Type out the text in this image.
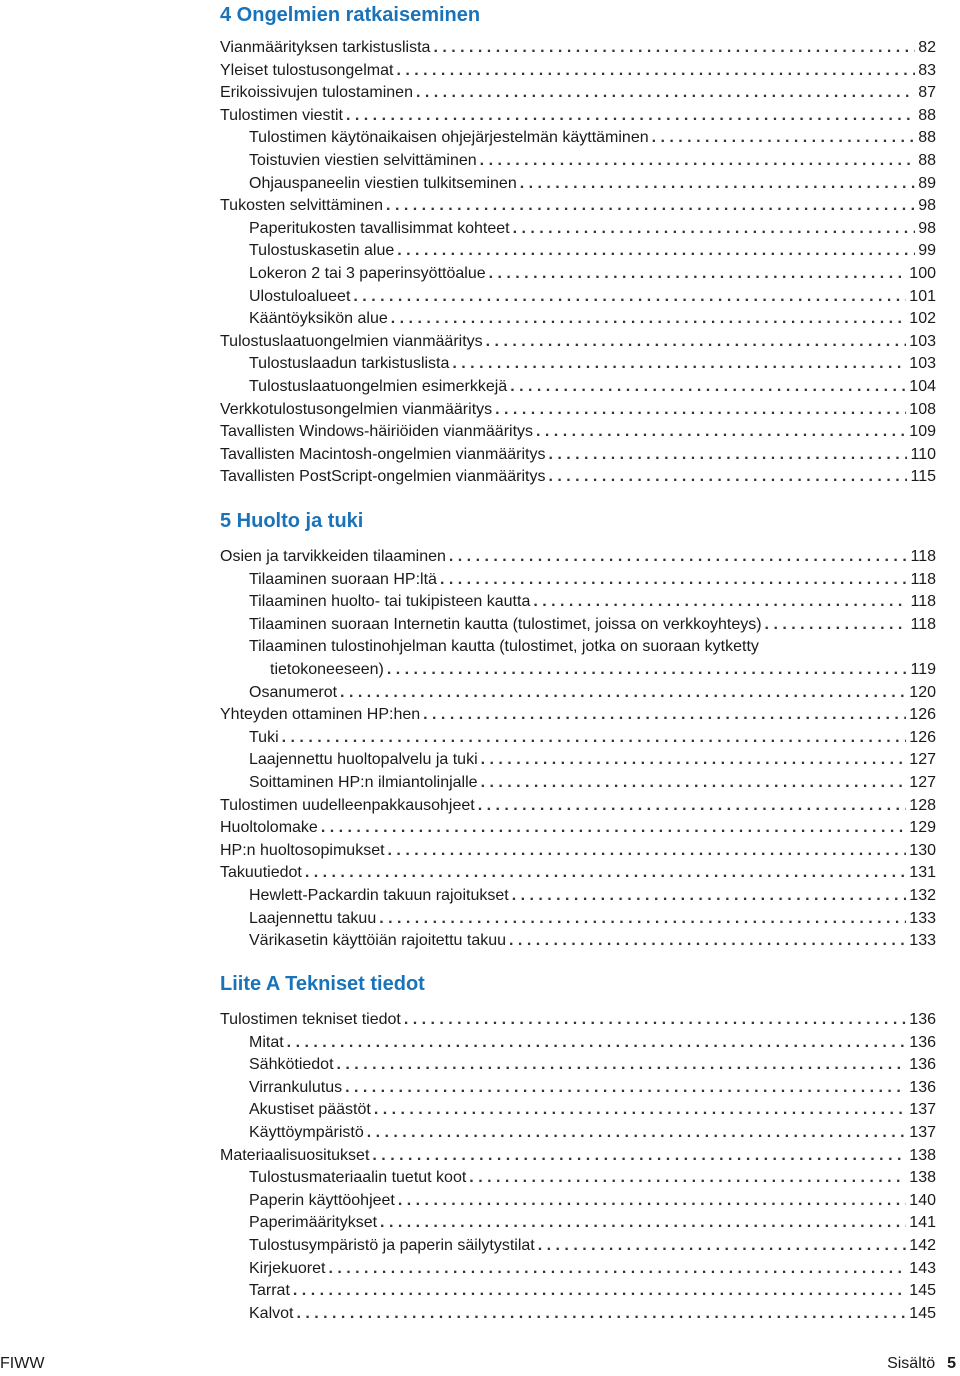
4 Ongelmien ratkaiseminen
Vianmäärityksen tarkistuslista . . .	82
Yleiset tulostusongelmat . . .	83
Erikoissivujen tulostaminen . . .	87
Tulostimen viestit . . .	88
Tulostimen käytönaikaisen ohjejärjestelmän käyttäminen . . .	88
Toistuvien viestien selvittäminen . . .	88
Ohjauspaneelin viestien tulkitseminen . . .	89
Tukosten selvittäminen . . .	98
Paperitukosten tavallisimmat kohteet . . .	98
Tulostuskasetin alue . . .	99
Lokeron 2 tai 3 paperinsyöttöalue . . .	100
Ulostuloalueet . . .	101
Kääntöyksikön alue . . .	102
Tulostuslaatuongelmien vianmääritys . . .	103
Tulostuslaadun tarkistuslista . . .	103
Tulostuslaatuongelmien esimerkkejä . . .	104
Verkkotulostusongelmien vianmääritys . . .	108
Tavallisten Windows-häiriöiden vianmääritys . . .	109
Tavallisten Macintosh-ongelmien vianmääritys . . .	110
Tavallisten PostScript-ongelmien vianmääritys . . .	115
5 Huolto ja tuki
Osien ja tarvikkeiden tilaaminen . . .	118
Tilaaminen suoraan HP:ltä . . .	118
Tilaaminen huolto- tai tukipisteen kautta . . .	118
Tilaaminen suoraan Internetin kautta (tulostimet, joissa on verkkoyhteys) . . .	118
Tilaaminen tulostinohjelman kautta (tulostimet, jotka on suoraan kytketty
tietokoneeseen) . . .	119
Osanumerot . . .	120
Yhteyden ottaminen HP:hen . . .	126
Tuki . . .	126
Laajennettu huoltopalvelu ja tuki . . .	127
Soittaminen HP:n ilmiantolinjalle . . .	127
Tulostimen uudelleenpakkausohjeet . . .	128
Huoltolomake . . .	129
HP:n huoltosopimukset . . .	130
Takuutiedot . . .	131
Hewlett-Packardin takuun rajoitukset . . .	132
Laajennettu takuu . . .	133
Värikasetin käyttöiän rajoitettu takuu . . .	133
Liite A Tekniset tiedot
Tulostimen tekniset tiedot . . .	136
Mitat . . .	136
Sähkötiedot . . .	136
Virrankulutus . . .	136
Akustiset päästöt . . .	137
Käyttöympäristö . . .	137
Materiaalisuositukset . . .	138
Tulostusmateriaalin tuetut koot . . .	138
Paperin käyttöohjeet . . .	140
Paperimääritykset . . .	141
Tulostusympäristö ja paperin säilytystilat . . .	142
Kirjekuoret . . .	143
Tarrat . . .	145
Kalvot . . .	145
FIWW	Sisältö 5
